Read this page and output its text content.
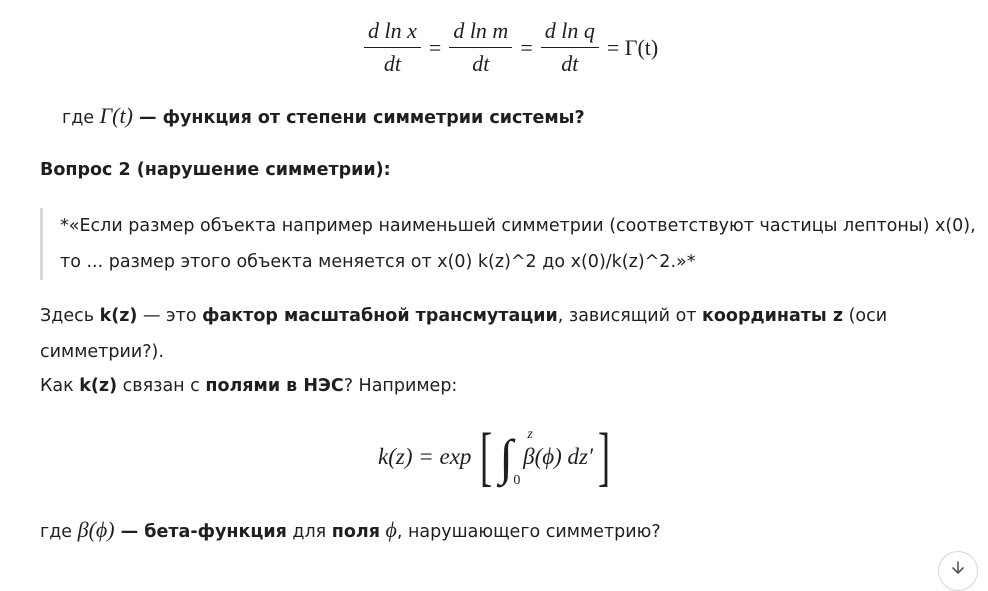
$\frac{\text{d ln x}}{dt} = \frac{\text{d ln m}}{dt} = \frac{\text{d ln q}}{dt} = \Gamma(t)$
где Γ(t) — функция от степени симметрии системы?
Вопрос 2 (нарушение симметрии):
*«Если размер объекта например наименьшей симметрии (соответствуют частицы лептоны) x(0),
то ... размер этого объекта меняется от x(0) k(z)^2 до x(0)/k(z)^2.»*
Здесь k(z) — это фактор масштабной трансмутации, зависящий от координаты z (оси
симметрии?).
Как k(z) связан с полями в НЭС? Например:
k(z) = exp [ ∫ z
0
β(ϕ) dz′ ]
где β(ϕ) — бета-функция для поля ϕ, нарушающего симметрию?
